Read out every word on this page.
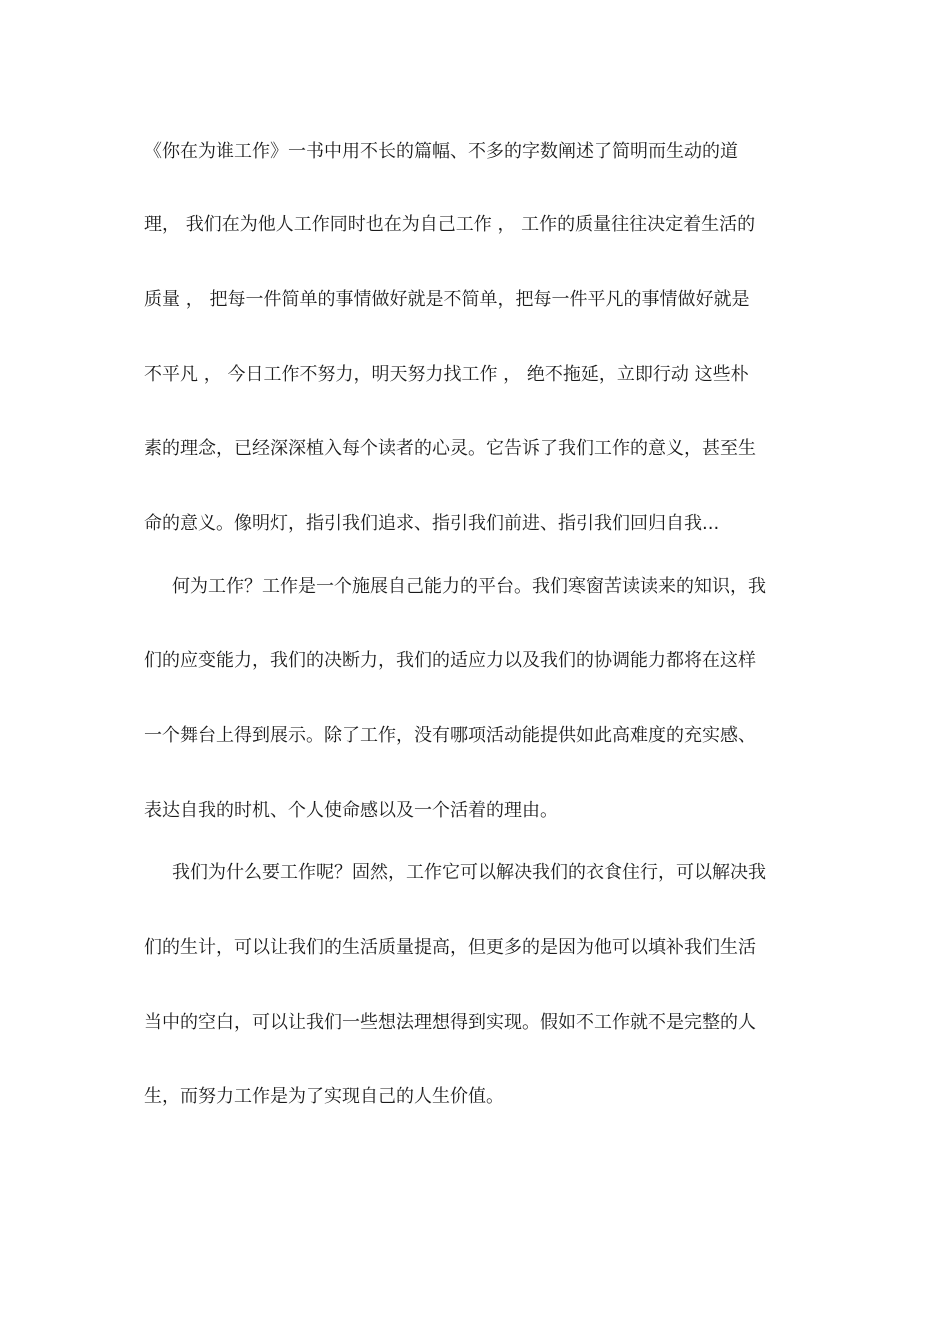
《你在为谁工作》一书中用不长的篇幅、不多的字数阐述了简明而生动的道
理， 我们在为他人工作同时也在为自己工作 ， 工作的质量往往决定着生活的
质量 ， 把每一件简单的事情做好就是不简单，把每一件平凡的事情做好就是
不平凡 ， 今日工作不努力，明天努力找工作 ， 绝不拖延，立即行动 这些朴
素的理念，已经深深植入每个读者的心灵。它告诉了我们工作的意义，甚至生
命的意义。像明灯，指引我们追求、指引我们前进、指引我们回归自我...
何为工作？工作是一个施展自己能力的平台。我们寒窗苦读读来的知识，我
们的应变能力，我们的决断力，我们的适应力以及我们的协调能力都将在这样
一个舞台上得到展示。除了工作，没有哪项活动能提供如此高难度的充实感、
表达自我的时机、个人使命感以及一个活着的理由。
我们为什么要工作呢？固然，工作它可以解决我们的衣食住行，可以解决我
们的生计，可以让我们的生活质量提高，但更多的是因为他可以填补我们生活
当中的空白，可以让我们一些想法理想得到实现。假如不工作就不是完整的人
生，而努力工作是为了实现自己的人生价值。
